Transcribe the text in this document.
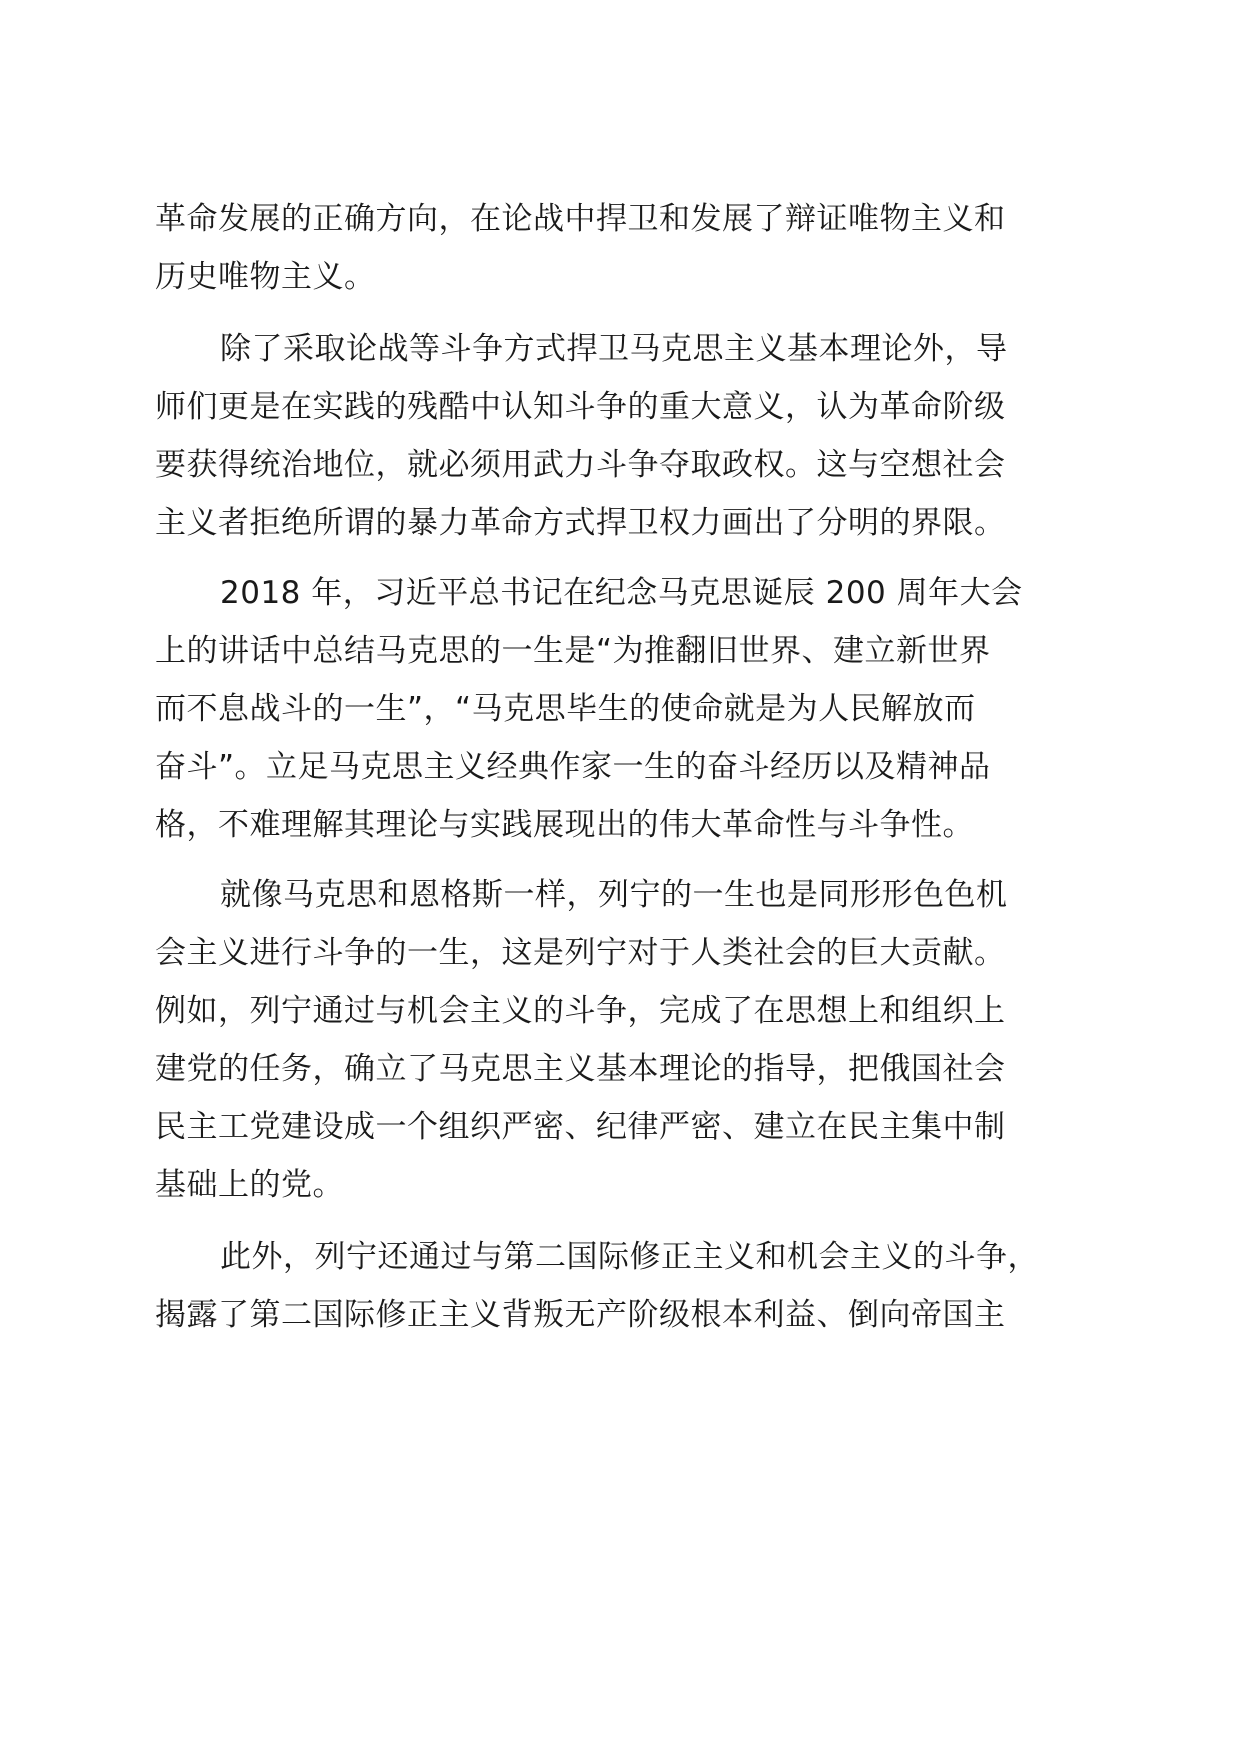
革命发展的正确方向，在论战中捍卫和发展了辩证唯物主义和
历史唯物主义。
除了采取论战等斗争方式捍卫马克思主义基本理论外，导
师们更是在实践的残酷中认知斗争的重大意义，认为革命阶级
要获得统治地位，就必须用武力斗争夺取政权。这与空想社会
主义者拒绝所谓的暴力革命方式捍卫权力画出了分明的界限。
2018 年，习近平总书记在纪念马克思诞辰 200 周年大会
上的讲话中总结马克思的一生是“为推翻旧世界、建立新世界
而不息战斗的一生”，“马克思毕生的使命就是为人民解放而
奋斗”。立足马克思主义经典作家一生的奋斗经历以及精神品
格，不难理解其理论与实践展现出的伟大革命性与斗争性。
就像马克思和恩格斯一样，列宁的一生也是同形形色色机
会主义进行斗争的一生，这是列宁对于人类社会的巨大贡献。
例如，列宁通过与机会主义的斗争，完成了在思想上和组织上
建党的任务，确立了马克思主义基本理论的指导，把俄国社会
民主工党建设成一个组织严密、纪律严密、建立在民主集中制
基础上的党。
此外，列宁还通过与第二国际修正主义和机会主义的斗争，
揭露了第二国际修正主义背叛无产阶级根本利益、倒向帝国主
